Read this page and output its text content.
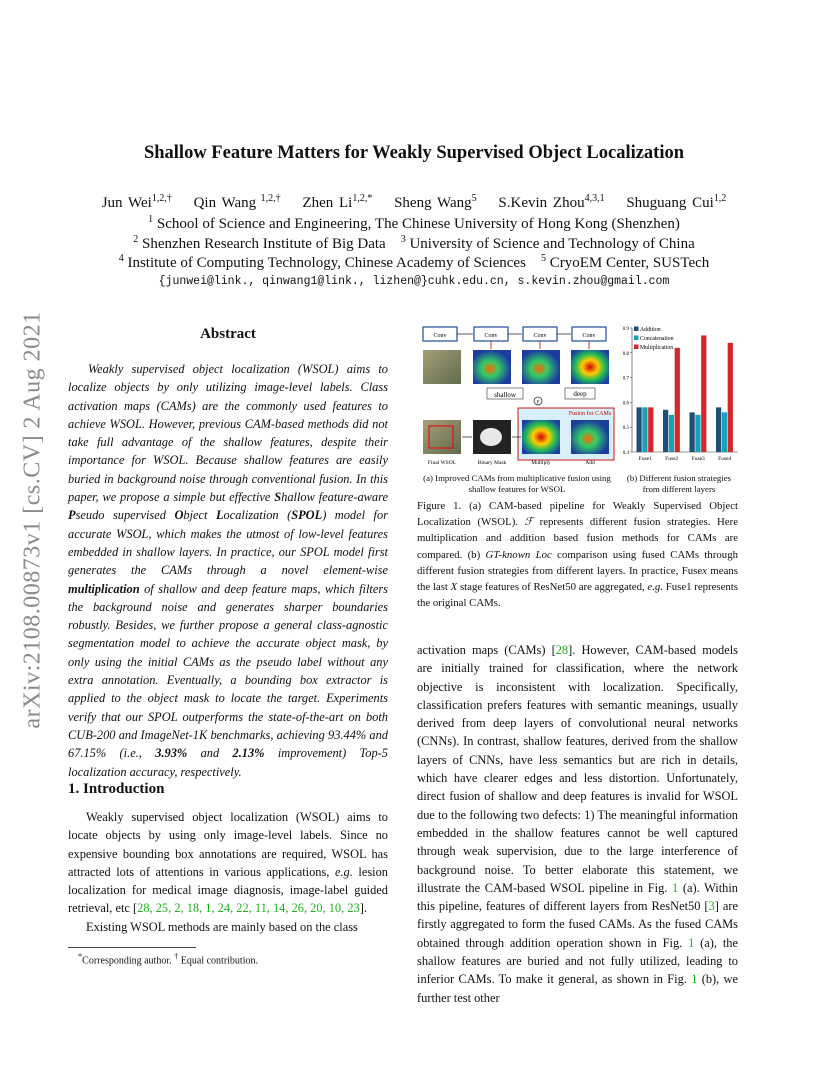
arXiv:2108.00873v1 [cs.CV] 2 Aug 2021
Shallow Feature Matters for Weakly Supervised Object Localization
Jun Wei$^{1,2,\dagger}$ Qin Wang $^{1,2,\dagger}$ Zhen $Li^{1,2,*}$ Sheng Wang$^5$ S.Kevin Zhou$^{4,3,1}$ Shuguang Cui$^{1,2}$
$^1$ School of Science and Engineering, The Chinese University of Hong Kong (Shenzhen)
$^2$ Shenzhen Research Institute of Big Data $^3$ University of Science and Technology of China
$^4$ Institute of Computing Technology, Chinese Academy of Sciences $^5$ CryoEM Center, SUSTech
{junwei@link., qinwang1@link., lizhen@}cuhk.edu.cn, s.kevin.zhou@gmail.com
Abstract

Weakly supervised object localization (WSOL) aims to localize objects by only utilizing image-level labels. Class activation maps (CAMs) are the commonly used features to achieve WSOL. However, previous CAM-based methods did not take full advantage of the shallow features, despite their importance for WSOL. Because shallow features are easily buried in background noise through conventional fusion. In this paper, we propose a simple but effective Shallow feature-aware Pseudo supervised Object Localization (SPOL) model for accurate WSOL, which makes the utmost of low-level features embedded in shallow layers. In practice, our SPOL model first generates the CAMs through a novel element-wise multiplication of shallow and deep feature maps, which filters the background noise and generates sharper boundaries robustly. Besides, we further propose a general class-agnostic segmentation model to achieve the accurate object mask, by only using the initial CAMs as the pseudo label without any extra annotation. Eventually, a bounding box extractor is applied to the object mask to locate the target. Experiments verify that our SPOL outperforms the state-of-the-art on both CUB-200 and ImageNet-1K benchmarks, achieving 93.44% and 67.15% (i.e., 3.93% and 2.13% improvement) Top-5 localization accuracy, respectively.

1. Introduction

Weakly supervised object localization (WSOL) aims to locate objects by using only image-level labels. Since no expensive bounding box annotations are required, WSOL has attracted lots of attentions in various applications, e.g. lesion localization for medical image diagnosis, image-label guided retrieval, etc [28, 25, 2, 18, 1, 24, 22, 11, 14, 26, 20, 10, 23].

Existing WSOL methods are mainly based on the class

*Corresponding author. † Equal contribution.
Conv	Conv	Conv	Conv
shallow	deep
F
Fusion for CAMs
Final WSOL	Binary Mask	Multiply	Add
(a) Improved CAMs from multiplicative fusion using shallow features for WSOL
0.4
0.5
0.6
0.7
0.8
0.9
Fuse1 Fuse2 Fuse3 Fuse4
Addition
Concatenation
Multiplication
(b) Different fusion strategies from different layers
Figure 1. (a) CAM-based pipeline for Weakly Supervised Object Localization (WSOL). ℱ represents different fusion strategies. Here multiplication and addition based fusion methods for CAMs are compared. (b) GT-known Loc comparison using fused CAMs through different fusion strategies from different layers. In practice, Fusex means the last X stage features of ResNet50 are aggregated, e.g. Fuse1 represents the original CAMs.

activation maps (CAMs) [28]. However, CAM-based models are initially trained for classification, where the network objective is inconsistent with localization. Specifically, classification prefers features with semantic meanings, usually derived from deep layers of convolutional neural networks (CNNs). In contrast, shallow features, derived from the shallow layers of CNNs, have less semantics but are rich in details, which have clearer edges and less distortion. Unfortunately, direct fusion of shallow and deep features is invalid for WSOL due to the following two defects: 1) The meaningful information embedded in the shallow features cannot be well captured through weak supervision, due to the large interference of background noise. To better elaborate this statement, we illustrate the CAM-based WSOL pipeline in Fig. 1 (a). Within this pipeline, features of different layers from ResNet50 [3] are firstly aggregated to form the fused CAMs. As the fused CAMs obtained through addition operation shown in Fig. 1 (a), the shallow features are buried and not fully utilized, leading to inferior CAMs. To make it general, as shown in Fig. 1 (b), we further test other
